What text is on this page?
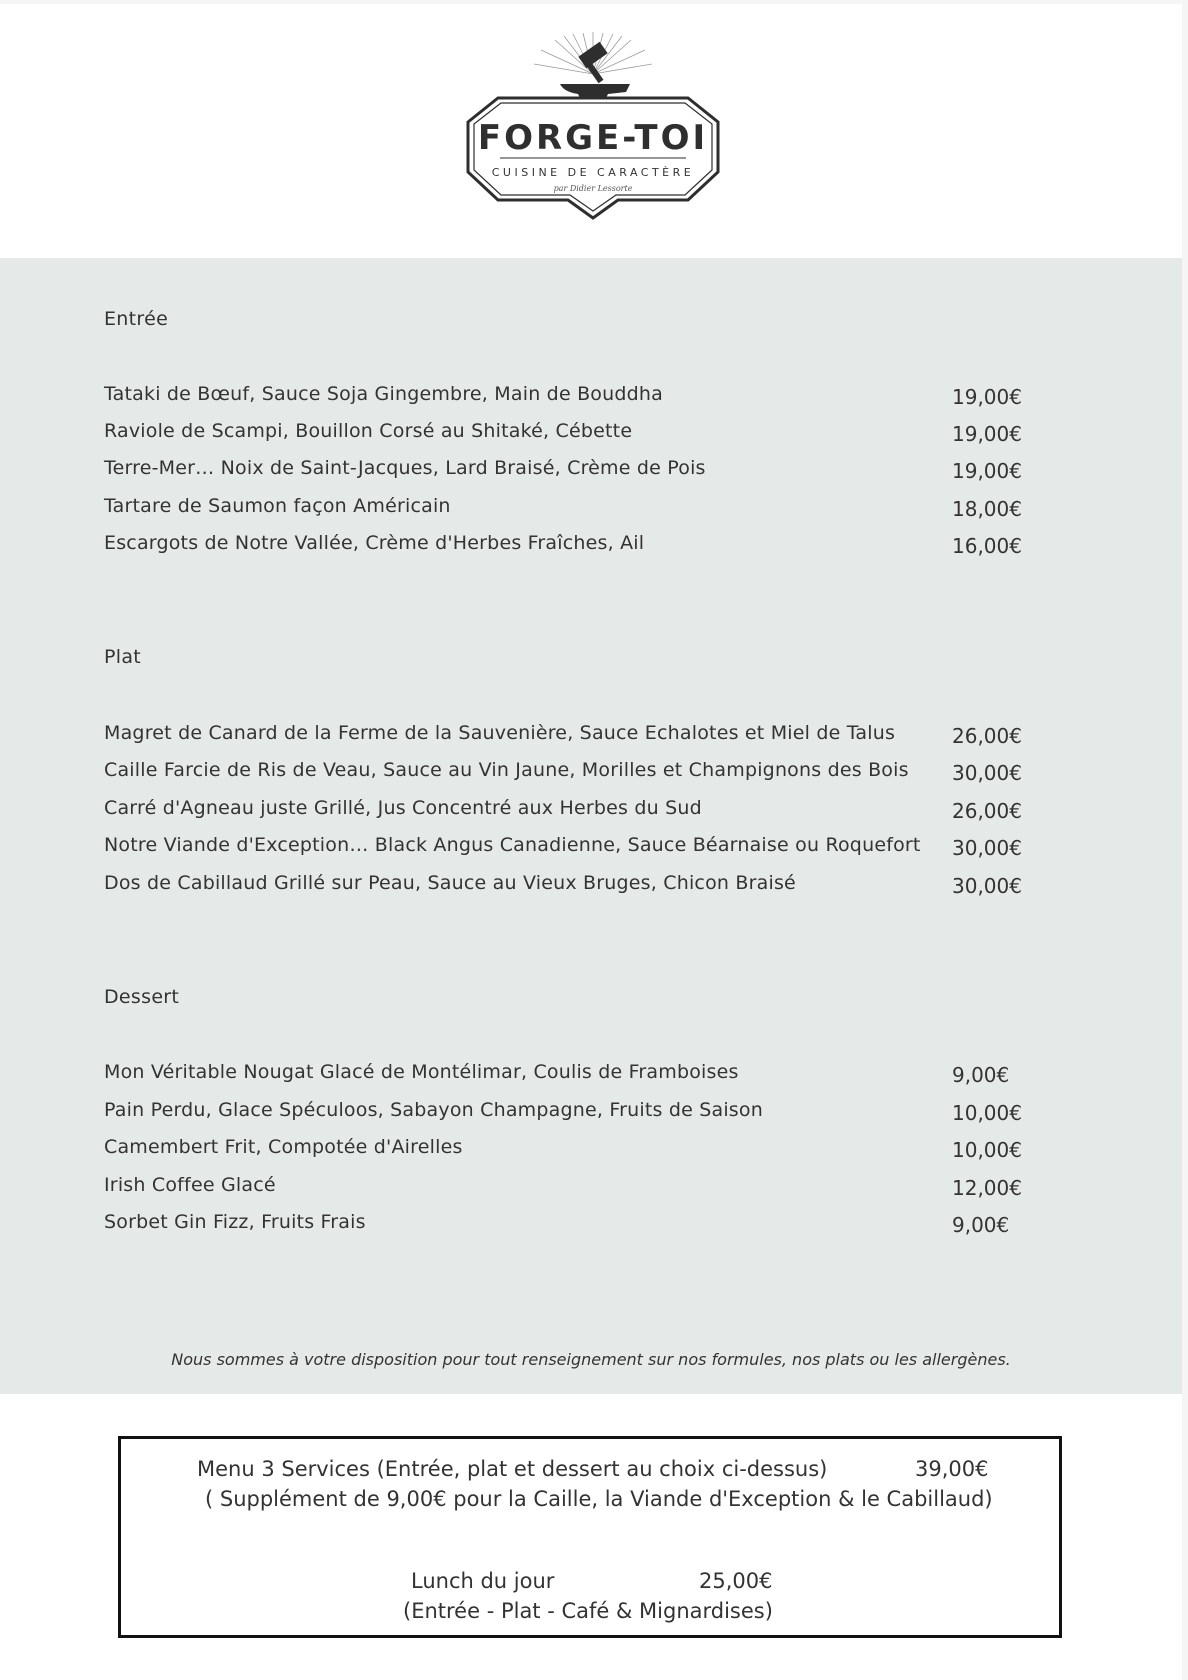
FORGE-TOI
CUISINE DE CARACTÈRE
par Didier Lessorte
Entrée
Tataki de Bœuf, Sauce Soja Gingembre, Main de Bouddha	19,00€
Raviole de Scampi, Bouillon Corsé au Shitaké, Cébette	19,00€
Terre-Mer… Noix de Saint-Jacques, Lard Braisé, Crème de Pois	19,00€
Tartare de Saumon façon Américain	18,00€
Escargots de Notre Vallée, Crème d'Herbes Fraîches, Ail	16,00€
Plat
Magret de Canard de la Ferme de la Sauvenière, Sauce Echalotes et Miel de Talus	26,00€
Caille Farcie de Ris de Veau, Sauce au Vin Jaune, Morilles et Champignons des Bois 30,00€
Carré d'Agneau juste Grillé, Jus Concentré aux Herbes du Sud	26,00€
Notre Viande d'Exception… Black Angus Canadienne, Sauce Béarnaise ou Roquefort 30,00€
Dos de Cabillaud Grillé sur Peau, Sauce au Vieux Bruges, Chicon Braisé	30,00€
Dessert
Mon Véritable Nougat Glacé de Montélimar, Coulis de Framboises	9,00€
Pain Perdu, Glace Spéculoos, Sabayon Champagne, Fruits de Saison	10,00€
Camembert Frit, Compotée d'Airelles	10,00€
Irish Coffee Glacé	12,00€
Sorbet Gin Fizz, Fruits Frais	9,00€
Nous sommes à votre disposition pour tout renseignement sur nos formules, nos plats ou les allergènes.
Menu 3 Services (Entrée, plat et dessert au choix ci-dessus)	39,00€
( Supplément de 9,00€ pour la Caille, la Viande d'Exception & le Cabillaud)
Lunch du jour	25,00€
(Entrée - Plat - Café & Mignardises)
